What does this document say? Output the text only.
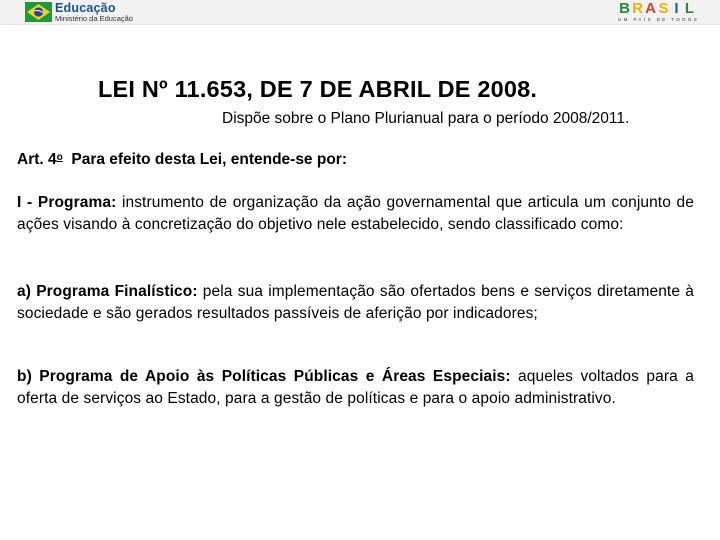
Educação
Ministério da Educação
B R A S I L
UM PAÍS DE TODOS
LEI Nº 11.653, DE 7 DE ABRIL DE 2008.
Dispõe sobre o Plano Plurianual para o período 2008/2011.
Art. 4$^o$ Para efeito desta Lei, entende-se por:
I - Programa: instrumento de organização da ação governamental que articula um conjunto de ações visando à concretização do objetivo nele estabelecido, sendo classificado como:
a) Programa Finalístico: pela sua implementação são ofertados bens e serviços diretamente à sociedade e são gerados resultados passíveis de aferição por indicadores;
b) Programa de Apoio às Políticas Públicas e Áreas Especiais: aqueles voltados para a oferta de serviços ao Estado, para a gestão de políticas e para o apoio administrativo.
